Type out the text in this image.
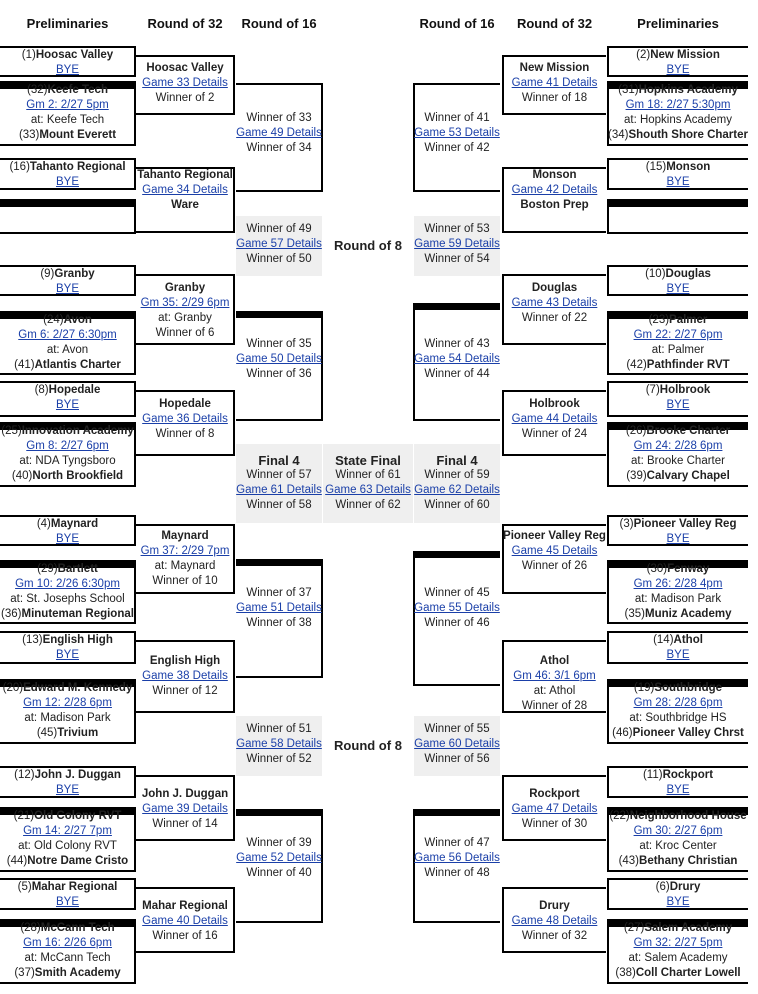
Preliminaries	Round of 32	Round of 16	Round of 16	Round of 32	Preliminaries
(1)Hoosac Valley
BYE
(32)Keefe Tech
Gm 2: 2/27 5pm
at: Keefe Tech
(33)Mount Everett
(16)Tahanto Regional
BYE
(9)Granby
BYE
(24)Avon
Gm 6: 2/27 6:30pm
at: Avon
(41)Atlantis Charter
(8)Hopedale
BYE
(25)Innovation Academy
Gm 8: 2/27 6pm
at: NDA Tyngsboro
(40)North Brookfield
(4)Maynard
BYE
(29)Bartlett
Gm 10: 2/26 6:30pm
at: St. Josephs School
(36)Minuteman Regional
(13)English High
BYE
(20)Edward M. Kennedy
Gm 12: 2/28 6pm
at: Madison Park
(45)Trivium
(12)John J. Duggan
BYE
(21)Old Colony RVT
Gm 14: 2/27 7pm
at: Old Colony RVT
(44)Notre Dame Cristo
(5)Mahar Regional
BYE
(28)McCann Tech
Gm 16: 2/26 6pm
at: McCann Tech
(37)Smith Academy
Hoosac Valley
Game 33 Details
Winner of 2
Tahanto Regional
Game 34 Details
Ware
Granby
Gm 35: 2/29 6pm
at: Granby
Winner of 6
Hopedale
Game 36 Details
Winner of 8
Maynard
Gm 37: 2/29 7pm
at: Maynard
Winner of 10
English High
Game 38 Details
Winner of 12
John J. Duggan
Game 39 Details
Winner of 14
Mahar Regional
Game 40 Details
Winner of 16
Winner of 33
Game 49 Details
Winner of 34
Winner of 35
Game 50 Details
Winner of 36
Winner of 37
Game 51 Details
Winner of 38
Winner of 39
Game 52 Details
Winner of 40
Winner of 49
Game 57 Details
Winner of 50
Winner of 51
Game 58 Details
Winner of 52
Final 4
Winner of 57
Game 61 Details
Winner of 58
(2)New Mission
BYE
(31)Hopkins Academy
Gm 18: 2/27 5:30pm
at: Hopkins Academy
(34)Shouth Shore Charter
(15)Monson
BYE
(10)Douglas
BYE
(23)Palmer
Gm 22: 2/27 6pm
at: Palmer
(42)Pathfinder RVT
(7)Holbrook
BYE
(26)Brooke Charter
Gm 24: 2/28 6pm
at: Brooke Charter
(39)Calvary Chapel
(3)Pioneer Valley Reg
BYE
(30)Fenway
Gm 26: 2/28 4pm
at: Madison Park
(35)Muniz Academy
(14)Athol
BYE
(19)Southbridge
Gm 28: 2/28 6pm
at: Southbridge HS
(46)Pioneer Valley Chrst
(11)Rockport
BYE
(22)Neighborhood House
Gm 30: 2/27 6pm
at: Kroc Center
(43)Bethany Christian
(6)Drury
BYE
(27)Salem Academy
Gm 32: 2/27 5pm
at: Salem Academy
(38)Coll Charter Lowell
New Mission
Game 41 Details
Winner of 18
Monson
Game 42 Details
Boston Prep
Douglas
Game 43 Details
Winner of 22
Holbrook
Game 44 Details
Winner of 24
Pioneer Valley Reg
Game 45 Details
Winner of 26
Athol
Gm 46: 3/1 6pm
at: Athol
Winner of 28
Rockport
Game 47 Details
Winner of 30
Drury
Game 48 Details
Winner of 32
Winner of 41
Game 53 Details
Winner of 42
Winner of 43
Game 54 Details
Winner of 44
Winner of 45
Game 55 Details
Winner of 46
Winner of 47
Game 56 Details
Winner of 48
Winner of 53
Game 59 Details
Winner of 54
Winner of 55
Game 60 Details
Winner of 56
Final 4
Winner of 59
Game 62 Details
Winner of 60
Round of 8
Round of 8
State Final
Winner of 61
Game 63 Details
Winner of 62
